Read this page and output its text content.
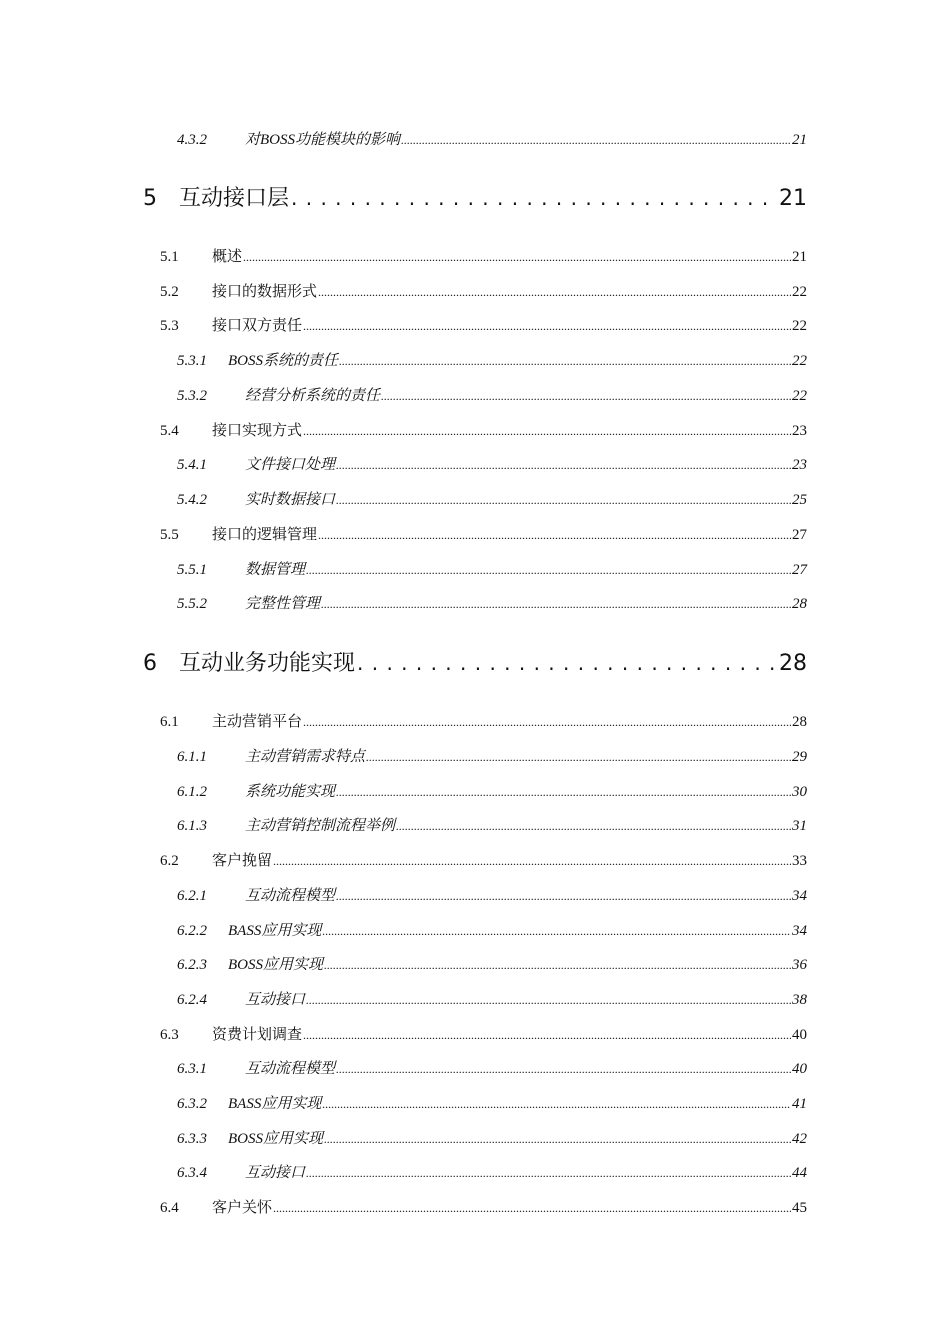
4.3.2	对BOSS功能模块的影响 .....	21
5	互动接口层 . . .	21
5.1	概述 .....	21
5.2	接口的数据形式 .....	22
5.3	接口双方责任 .....	22
5.3.1	BOSS系统的责任 .....	22
5.3.2	经营分析系统的责任 .....	22
5.4	接口实现方式 .....	23
5.4.1	文件接口处理 .....	23
5.4.2	实时数据接口 .....	25
5.5	接口的逻辑管理 .....	27
5.5.1	数据管理 .....	27
5.5.2	完整性管理 .....	28
6	互动业务功能实现 . . .	28
6.1	主动营销平台 .....	28
6.1.1	主动营销需求特点 .....	29
6.1.2	系统功能实现 .....	30
6.1.3	主动营销控制流程举例 .....	31
6.2	客户挽留 .....	33
6.2.1	互动流程模型 .....	34
6.2.2	BASS应用实现 .....	34
6.2.3	BOSS应用实现 .....	36
6.2.4	互动接口 .....	38
6.3	资费计划调查 .....	40
6.3.1	互动流程模型 .....	40
6.3.2	BASS应用实现 .....	41
6.3.3	BOSS应用实现 .....	42
6.3.4	互动接口 .....	44
6.4	客户关怀 .....	45
